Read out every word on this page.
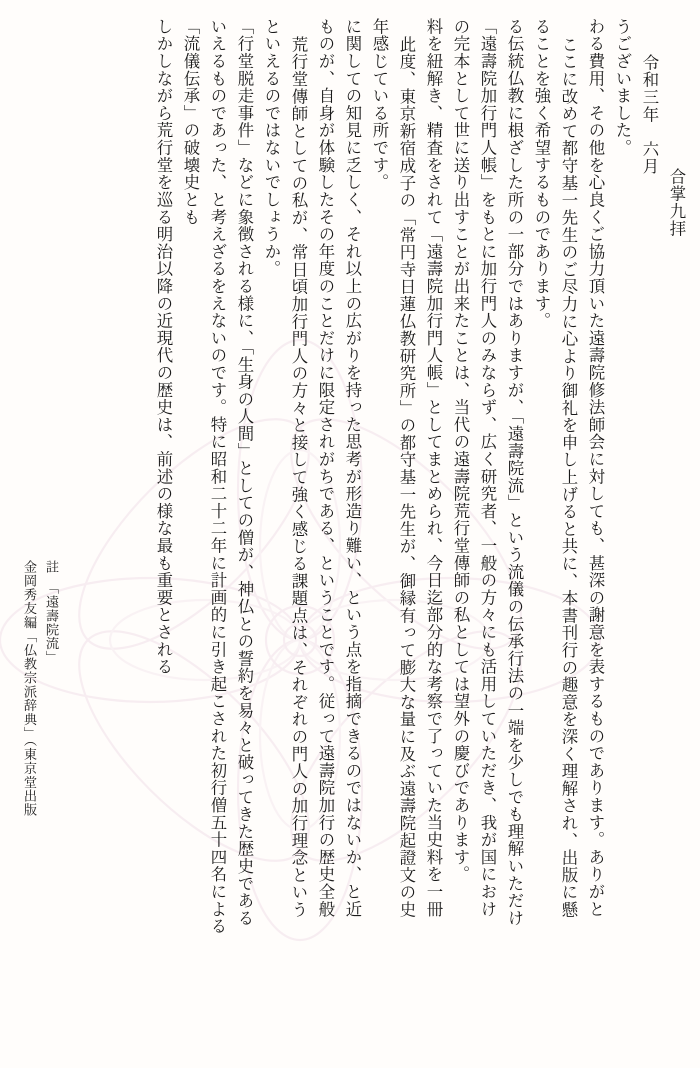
しかしながら荒行堂を巡る明治以降の近現代の歴史は、前述の様な最も重要とされる 「流儀伝承」の破壊史とも いえるものであった、と考えざるをえないのです。特に昭和二十二年に計画的に引き起こされた初行僧五十四名による 「行堂脱走事件」などに象徴される様に、「生身の人間」としての僧が、神仏との誓約を易々と破ってきた歴史である といえるのではないでしょうか。 荒行堂傳師としての私が、常日頃加行門人の方々と接して強く感じる課題点は、それぞれの門人の加行理念という ものが、自身が体験したその年度のことだけに限定されがちである、ということです。従って遠壽院加行の歴史全般 に関しての知見に乏しく、それ以上の広がりを持った思考が形造り難い、という点を指摘できるのではないか、と近 年感じている所です。 此度、東京新宿成子の「常円寺日蓮仏教研究所」の都守基一先生が、御縁有って膨大な量に及ぶ遠壽院起證文の史 料を紐解き、精査をされて「遠壽院加行門人帳」としてまとめられ、今日迄部分的な考察で了っていた当史料を一冊 の完本として世に送り出すことが出来たことは、当代の遠壽院荒行堂傳師の私としては望外の慶びであります。 「遠壽院加行門人帳」をもとに加行門人のみならず、広く研究者、一般の方々にも活用していただき、我が国におけ る伝統仏教に根ざした所の一部分ではありますが、「遠壽院流」という流儀の伝承行法の一端を少しでも理解いただけ ることを強く希望するものであります。 ここに改めて都守基一先生のご尽力に心より御礼を申し上げると共に、本書刊行の趣意を深く理解され、出版に懸 わる費用、その他を心良くご協力頂いた遠壽院修法師会に対しても、甚深の謝意を表するものであります。ありがと うございました。 令和三年　六月
合掌九拝
金岡秀友編「仏教宗派辞典」（東京堂出版 註　「遠壽院流」
